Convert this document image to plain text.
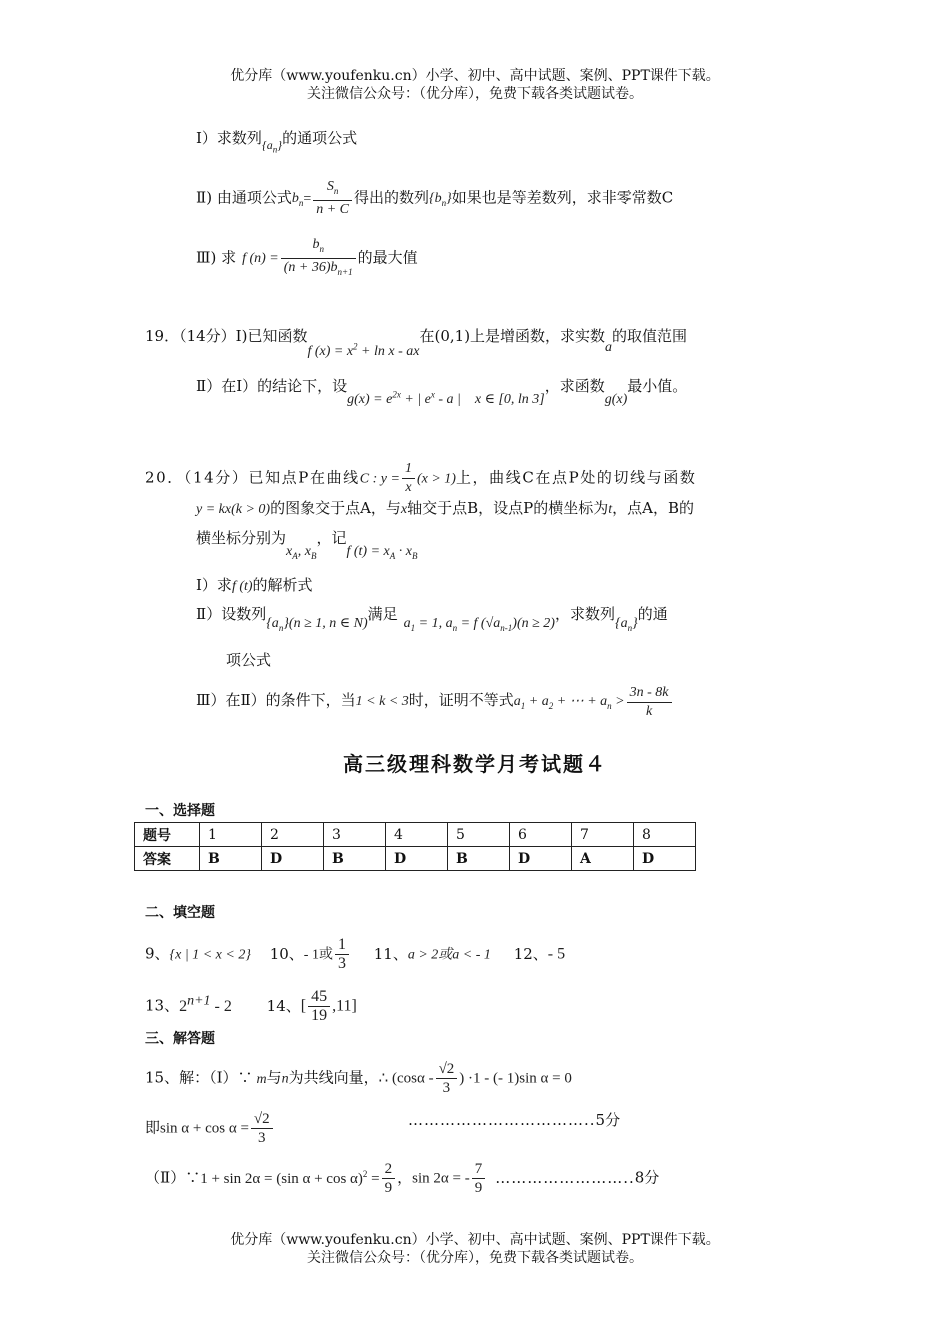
优分库（www.youfenku.cn）小学、初中、高中试题、案例、PPT课件下载。
关注微信公众号：（优分库），免费下载各类试题试卷。
Ⅰ）求数列$_{\{a_n\}}$的通项公式
Ⅱ) 由通项公式$b_n= \frac{S_n}{n + C}$ 得出的数列$\{b_n\}$如果也是等差数列，求非零常数C
Ⅲ) 求 f $(n) = \frac{b_n}{(n + 36)b_{n+1}}$ 的最大值
19．（14分）Ⅰ)已知函数f $(x) = x^2 + \ln x$ - ax在(0,1)上是增函数，求实数a的取值范围
Ⅱ）在Ⅰ）的结论下，设$g(x) = e^{2x}$ + | $e^x$ - a | x ∈ [0, ln 3]，求函数g(x)最小值。
20．（14分）已知点P在曲线C : $y = \frac{1}{x} (x > 1)$上，曲线C在点P处的切线与函数
y = kx(k > 0)的图象交于点A，与x轴交于点B，设点P的横坐标为t，点A，B的
横坐标分别为$x_A$, $x_B$，记f $(t) = x_A \cdot x_B$
Ⅰ）求f (t)的解析式
Ⅱ）设数列$\{a_n\}(n \ge 1$, n ∈ N)满足$a_1 = 1$, $a_n = f$ $(√a_{n-1})(n \ge 2)$，求数列$\{a_n\}$的通
项公式
Ⅲ）在Ⅱ）的条件下，当1 < k < 3时，证明不等式$a_1 + a_2$ + ⋯ + $a_n > \frac{3n - 8k}{k}$
高三级理科数学月考试题４
一、选择题
题号	1	2	3	4	5	6	7	8
答案	B	D	B	D	B	D	A	D
二、填空题
9、{x | 1 < x < 2} 10、- 1或 $\frac{1}{3} 11$、a > 2或a < - 1 12、- 5
13、$2^{n+1} - 2$ 14、[ $\frac{45}{19} ,11$]
三、解答题
15、解：（Ⅰ）∵ m与n为共线向量，∴ ($\cos\alpha - \frac{√2}{3}$ ) ·1 - (- 1)sin α = 0
即$\sin \alpha + \cos \alpha = \frac{√2}{3}$	……………………………..5分
（Ⅱ）∵1 + sin 2α = (sin $\alpha + \cos \alpha)^2 = \frac{2}{9}$ ，sin 2α = - $\frac{7}{9}$ ……………………..8分
优分库（www.youfenku.cn）小学、初中、高中试题、案例、PPT课件下载。
关注微信公众号：（优分库），免费下载各类试题试卷。
